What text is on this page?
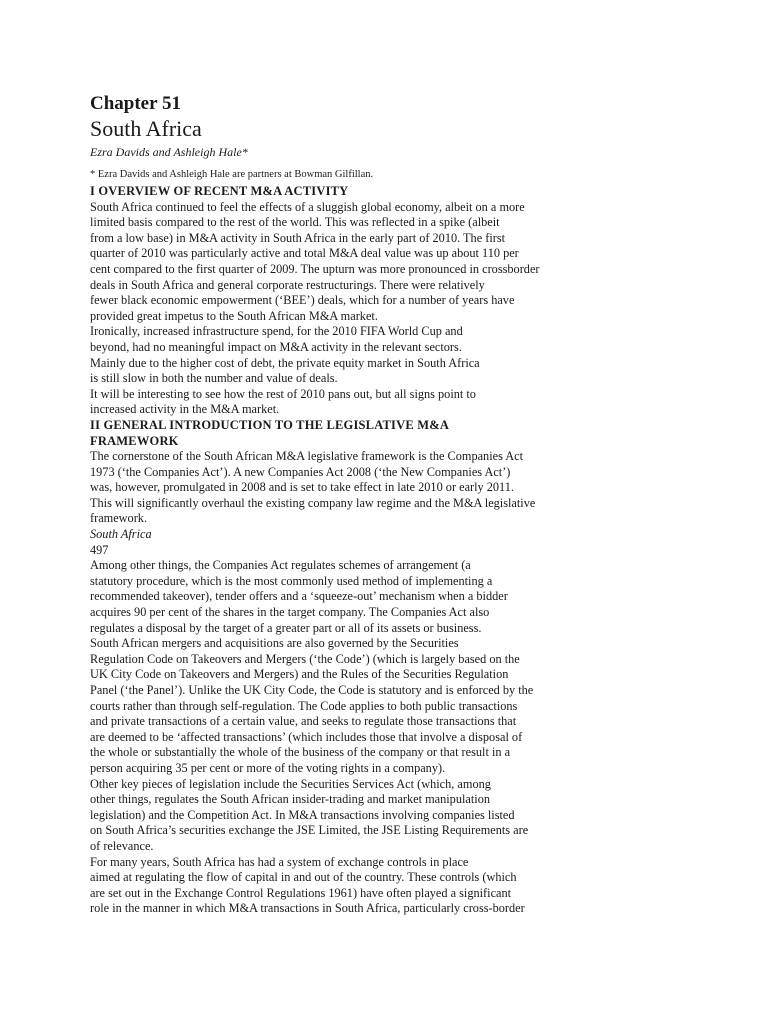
Chapter 51
South Africa
Ezra Davids and Ashleigh Hale*
* Ezra Davids and Ashleigh Hale are partners at Bowman Gilfillan.
I OVERVIEW OF RECENT M&A ACTIVITY
South Africa continued to feel the effects of a sluggish global economy, albeit on a more
limited basis compared to the rest of the world. This was reflected in a spike (albeit
from a low base) in M&A activity in South Africa in the early part of 2010. The first
quarter of 2010 was particularly active and total M&A deal value was up about 110 per
cent compared to the first quarter of 2009. The upturn was more pronounced in crossborder
deals in South Africa and general corporate restructurings. There were relatively
fewer black economic empowerment (‘BEE’) deals, which for a number of years have
provided great impetus to the South African M&A market.
Ironically, increased infrastructure spend, for the 2010 FIFA World Cup and
beyond, had no meaningful impact on M&A activity in the relevant sectors.
Mainly due to the higher cost of debt, the private equity market in South Africa
is still slow in both the number and value of deals.
It will be interesting to see how the rest of 2010 pans out, but all signs point to
increased activity in the M&A market.
II GENERAL INTRODUCTION TO THE LEGISLATIVE M&A
FRAMEWORK
The cornerstone of the South African M&A legislative framework is the Companies Act
1973 (‘the Companies Act’). A new Companies Act 2008 (‘the New Companies Act’)
was, however, promulgated in 2008 and is set to take effect in late 2010 or early 2011.
This will significantly overhaul the existing company law regime and the M&A legislative
framework.
South Africa
497
Among other things, the Companies Act regulates schemes of arrangement (a
statutory procedure, which is the most commonly used method of implementing a
recommended takeover), tender offers and a ‘squeeze-out’ mechanism when a bidder
acquires 90 per cent of the shares in the target company. The Companies Act also
regulates a disposal by the target of a greater part or all of its assets or business.
South African mergers and acquisitions are also governed by the Securities
Regulation Code on Takeovers and Mergers (‘the Code’) (which is largely based on the
UK City Code on Takeovers and Mergers) and the Rules of the Securities Regulation
Panel (‘the Panel’). Unlike the UK City Code, the Code is statutory and is enforced by the
courts rather than through self-regulation. The Code applies to both public transactions
and private transactions of a certain value, and seeks to regulate those transactions that
are deemed to be ‘affected transactions’ (which includes those that involve a disposal of
the whole or substantially the whole of the business of the company or that result in a
person acquiring 35 per cent or more of the voting rights in a company).
Other key pieces of legislation include the Securities Services Act (which, among
other things, regulates the South African insider-trading and market manipulation
legislation) and the Competition Act. In M&A transactions involving companies listed
on South Africa’s securities exchange the JSE Limited, the JSE Listing Requirements are
of relevance.
For many years, South Africa has had a system of exchange controls in place
aimed at regulating the flow of capital in and out of the country. These controls (which
are set out in the Exchange Control Regulations 1961) have often played a significant
role in the manner in which M&A transactions in South Africa, particularly cross-border
